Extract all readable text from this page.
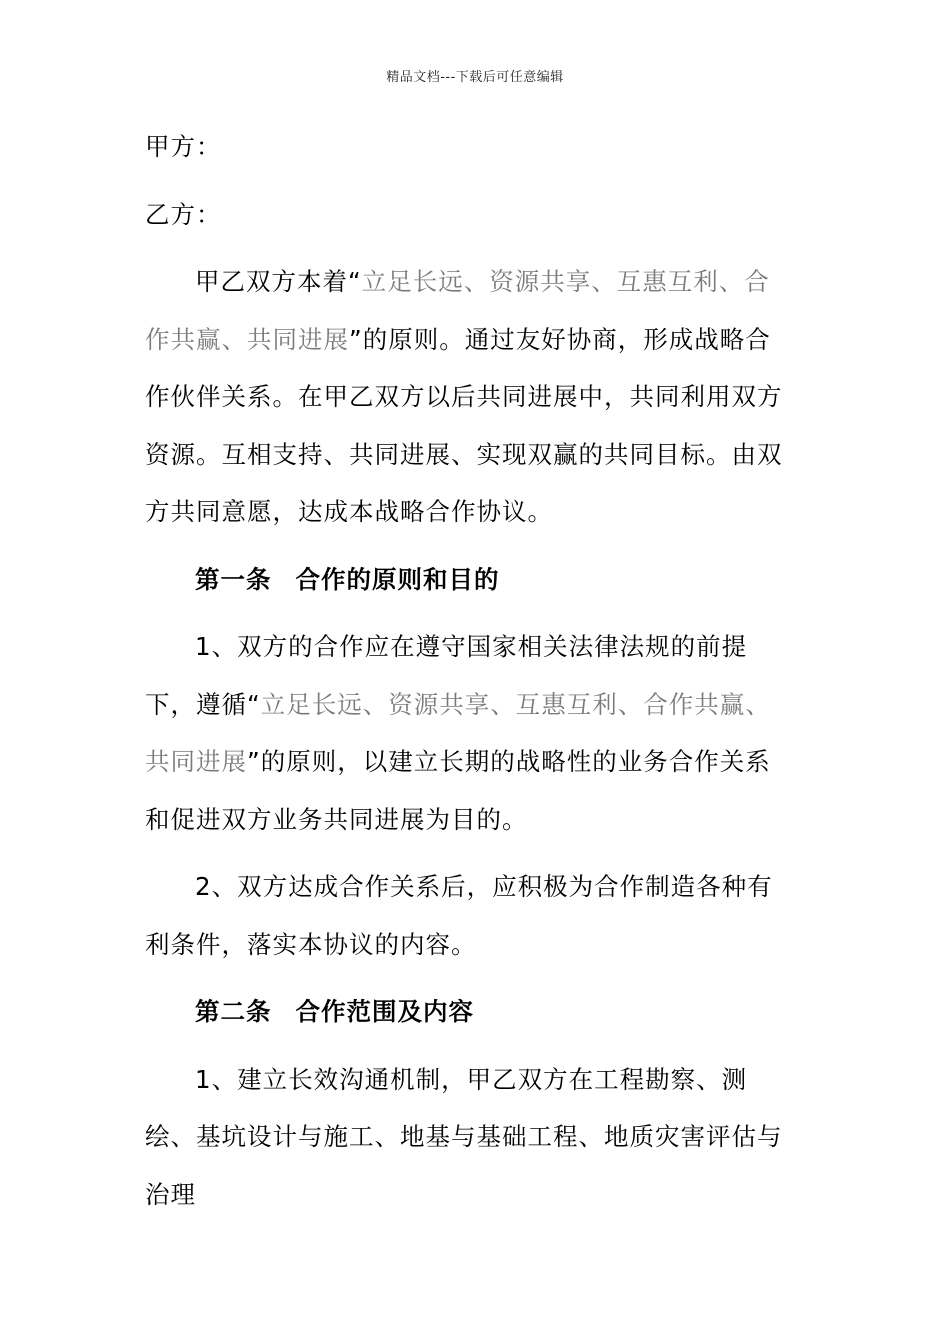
精品文档---下载后可任意编辑

甲方：

乙方：

甲乙双方本着“立足长远、资源共享、互惠互利、合作共赢、共同进展”的原则。通过友好协商，形成战略合作伙伴关系。在甲乙双方以后共同进展中，共同利用双方资源。互相支持、共同进展、实现双赢的共同目标。由双方共同意愿，达成本战略合作协议。
第一条 合作的原则和目的
1、双方的合作应在遵守国家相关法律法规的前提下，遵循“立足长远、资源共享、互惠互利、合作共赢、共同进展”的原则，以建立长期的战略性的业务合作关系和促进双方业务共同进展为目的。
2、双方达成合作关系后，应积极为合作制造各种有利条件，落实本协议的内容。
第二条 合作范围及内容
1、建立长效沟通机制，甲乙双方在工程勘察、测绘、基坑设计与施工、地基与基础工程、地质灾害评估与治理
